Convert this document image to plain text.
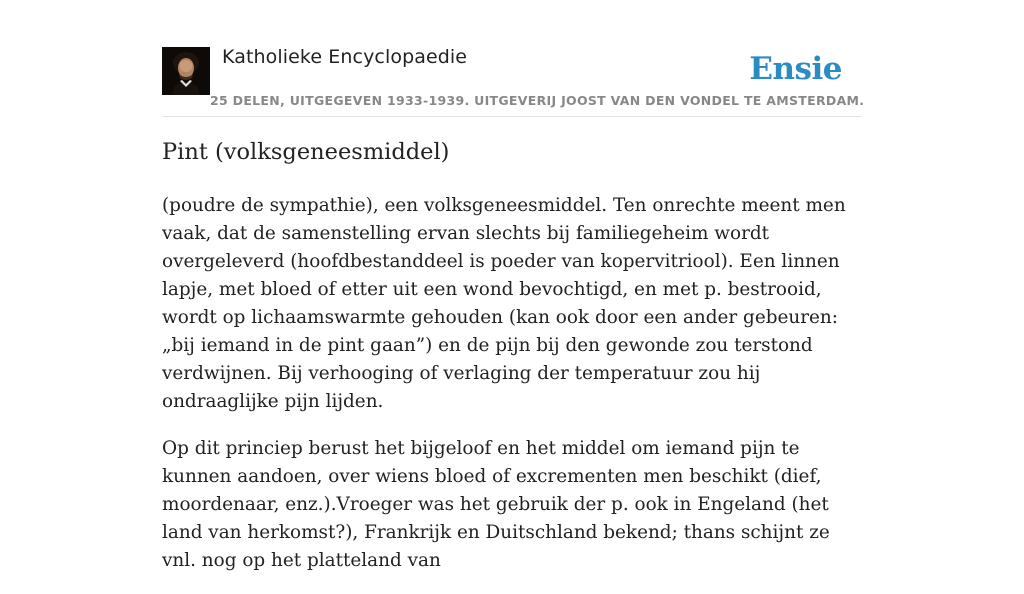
Katholieke Encyclopaedie
25 DELEN, UITGEGEVEN 1933-1939. UITGEVERIJ JOOST VAN DEN VONDEL TE AMSTERDAM.
Ensie
Pint (volksgeneesmiddel)

(poudre de sympathie), een volksgeneesmiddel. Ten onrechte meent men vaak, dat de samenstelling ervan slechts bij familiegeheim wordt overgeleverd (hoofdbestanddeel is poeder van kopervitriool). Een linnen lapje, met bloed of etter uit een wond bevochtigd, en met p. bestrooid, wordt op lichaamswarmte gehouden (kan ook door een ander gebeuren: „bij iemand in de pint gaan”) en de pijn bij den gewonde zou terstond verdwijnen. Bij verhooging of verlaging der temperatuur zou hij ondraaglijke pijn lijden.

Op dit princiep berust het bijgeloof en het middel om iemand pijn te kunnen aandoen, over wiens bloed of excrementen men beschikt (dief, moordenaar, enz.).Vroeger was het gebruik der p. ook in Engeland (het land van herkomst?), Frankrijk en Duitschland bekend; thans schijnt ze vnl. nog op het platteland van
